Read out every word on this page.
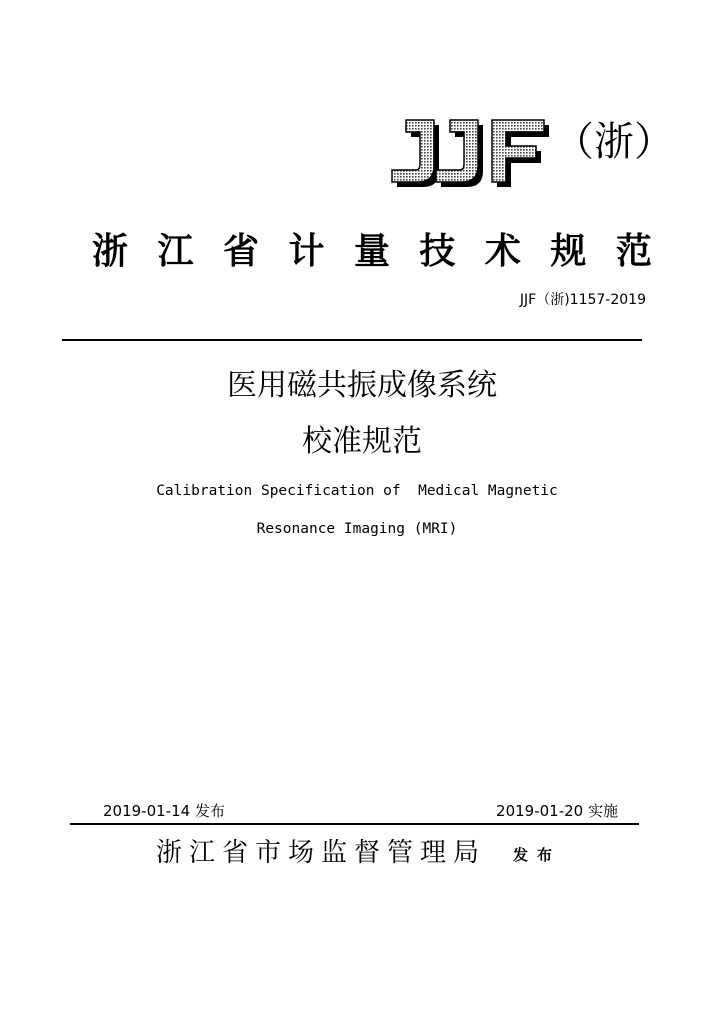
（浙）
浙 江 省 计 量 技 术 规 范
JJF（浙)1157-2019
医用磁共振成像系统
校准规范
Calibration Specification of  Medical Magnetic
Resonance Imaging (MRI)
2019-01-14 发布	2019-01-20 实施
浙江省市场监督管理局 发布
